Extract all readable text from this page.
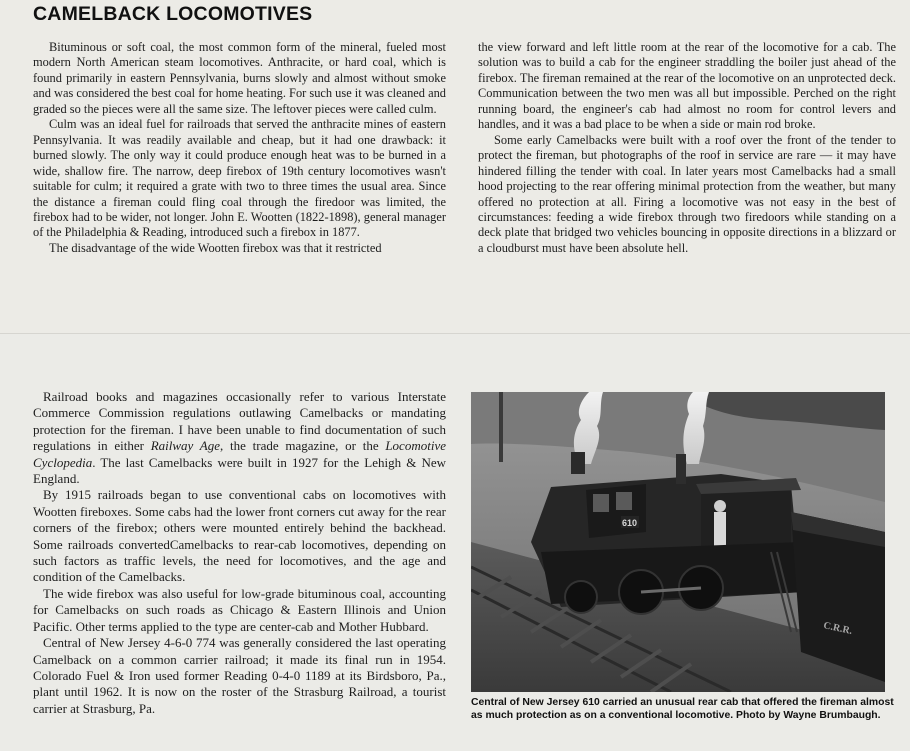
CAMELBACK LOCOMOTIVES

Bituminous or soft coal, the most common form of the mineral, fueled most modern North American steam locomotives. Anthracite, or hard coal, which is found primarily in eastern Pennsylvania, burns slowly and almost without smoke and was considered the best coal for home heating. For such use it was cleaned and graded so the pieces were all the same size. The leftover pieces were called culm.

Culm was an ideal fuel for railroads that served the anthracite mines of eastern Pennsylvania. It was readily available and cheap, but it had one drawback: it burned slowly. The only way it could produce enough heat was to be burned in a wide, shallow fire. The narrow, deep firebox of 19th century locomotives wasn't suitable for culm; it required a grate with two to three times the usual area. Since the distance a fireman could fling coal through the firedoor was limited, the firebox had to be wider, not longer. John E. Wootten (1822-1898), general manager of the Philadelphia & Reading, introduced such a firebox in 1877.

The disadvantage of the wide Wootten firebox was that it restricted

the view forward and left little room at the rear of the locomotive for a cab. The solution was to build a cab for the engineer straddling the boiler just ahead of the firebox. The fireman remained at the rear of the locomotive on an unprotected deck. Communication between the two men was all but impossible. Perched on the right running board, the engineer's cab had almost no room for control levers and handles, and it was a bad place to be when a side or main rod broke.

Some early Camelbacks were built with a roof over the front of the tender to protect the fireman, but photographs of the roof in service are rare — it may have hindered filling the tender with coal. In later years most Camelbacks had a small hood projecting to the rear offering minimal protection from the weather, but many offered no protection at all. Firing a locomotive was not easy in the best of circumstances: feeding a wide firebox through two firedoors while standing on a deck plate that bridged two vehicles bouncing in opposite directions in a blizzard or a cloudburst must have been absolute hell.

Railroad books and magazines occasionally refer to various Interstate Commerce Commission regulations outlawing Camelbacks or mandating protection for the fireman. I have been unable to find documentation of such regulations in either Railway Age, the trade magazine, or the Locomotive Cyclopedia. The last Camelbacks were built in 1927 for the Lehigh & New England.

By 1915 railroads began to use conventional cabs on locomotives with Wootten fireboxes. Some cabs had the lower front corners cut away for the rear corners of the firebox; others were mounted entirely behind the backhead. Some railroads convertedCamelbacks to rear-cab locomotives, depending on such factors as traffic levels, the need for locomotives, and the age and condition of the Camelbacks.

The wide firebox was also useful for low-grade bituminous coal, accounting for Camelbacks on such roads as Chicago & Eastern Illinois and Union Pacific. Other terms applied to the type are center-cab and Mother Hubbard.

Central of New Jersey 4-6-0 774 was generally considered the last operating Camelback on a common carrier railroad; it made its final run in 1954. Colorado Fuel & Iron used former Reading 0-4-0 1189 at its Birdsboro, Pa., plant until 1962. It is now on the roster of the Strasburg Railroad, a tourist carrier at Strasburg, Pa.

610
C.R.R.
Central of New Jersey 610 carried an unusual rear cab that offered the fireman almost as much protection as on a conventional locomotive. Photo by Wayne Brumbaugh.
